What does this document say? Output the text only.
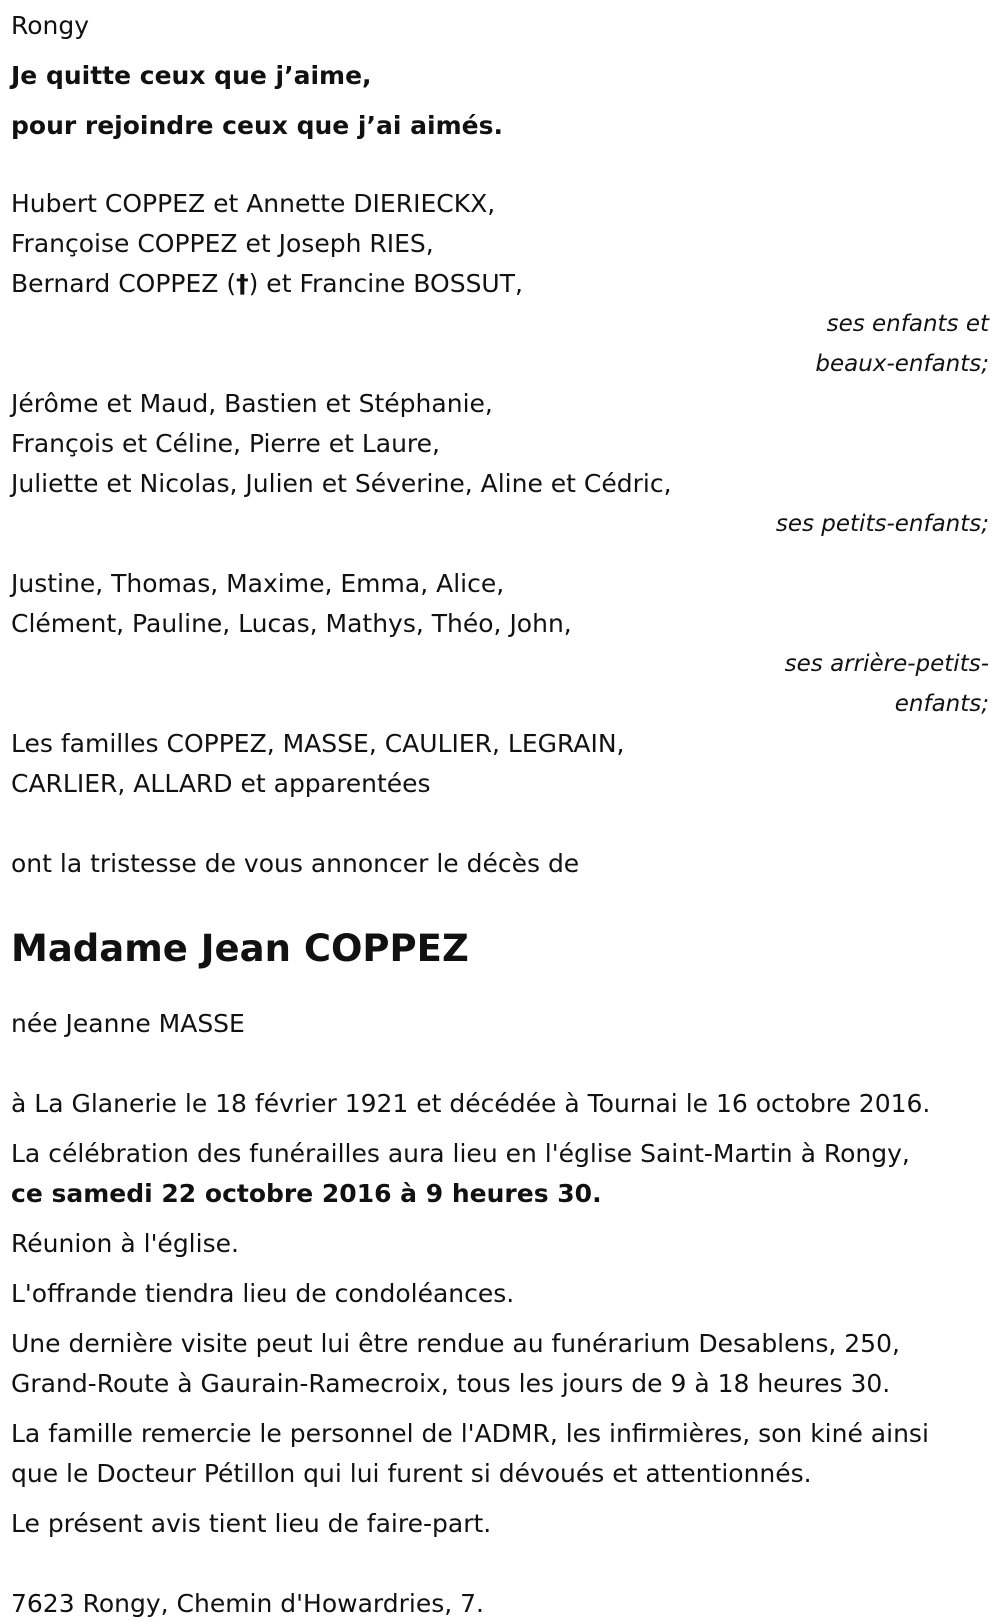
Rongy

Je quitte ceux que j’aime,

pour rejoindre ceux que j’ai aimés.

Hubert COPPEZ et Annette DIERIECKX,

Françoise COPPEZ et Joseph RIES,

Bernard COPPEZ (†) et Francine BOSSUT,

ses enfants et

beaux-enfants;

Jérôme et Maud, Bastien et Stéphanie,

François et Céline, Pierre et Laure,

Juliette et Nicolas, Julien et Séverine, Aline et Cédric,

ses petits-enfants;

Justine, Thomas, Maxime, Emma, Alice,

Clément, Pauline, Lucas, Mathys, Théo, John,

ses arrière-petits-

enfants;

Les familles COPPEZ, MASSE, CAULIER, LEGRAIN,

CARLIER, ALLARD et apparentées

ont la tristesse de vous annoncer le décès de

Madame Jean COPPEZ

née Jeanne MASSE

à La Glanerie le 18 février 1921 et décédée à Tournai le 16 octobre 2016.

La célébration des funérailles aura lieu en l'église Saint-Martin à Rongy,

ce samedi 22 octobre 2016 à 9 heures 30.

Réunion à l'église.

L'offrande tiendra lieu de condoléances.

Une dernière visite peut lui être rendue au funérarium Desablens, 250,

Grand-Route à Gaurain-Ramecroix, tous les jours de 9 à 18 heures 30.

La famille remercie le personnel de l'ADMR, les infirmières, son kiné ainsi

que le Docteur Pétillon qui lui furent si dévoués et attentionnés.

Le présent avis tient lieu de faire-part.

7623 Rongy, Chemin d'Howardries, 7.
